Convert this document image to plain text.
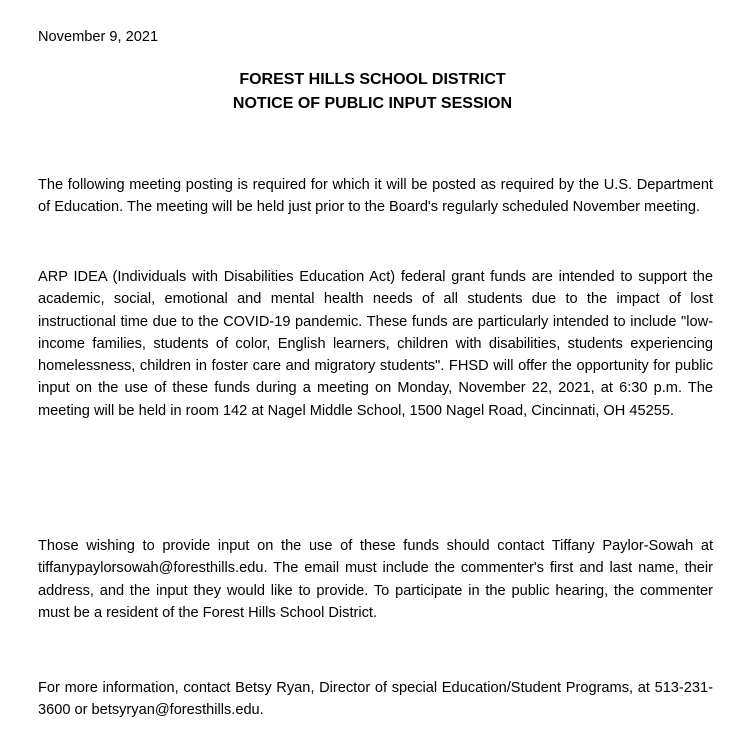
November 9, 2021
FOREST HILLS SCHOOL DISTRICT
NOTICE OF PUBLIC INPUT SESSION

The following meeting posting is required for which it will be posted as required by the U.S. Department of Education. The meeting will be held just prior to the Board's regularly scheduled November meeting.

ARP IDEA (Individuals with Disabilities Education Act) federal grant funds are intended to support the academic, social, emotional and mental health needs of all students due to the impact of lost instructional time due to the COVID-19 pandemic. These funds are particularly intended to include "low-income families, students of color, English learners, children with disabilities, students experiencing homelessness, children in foster care and migratory students". FHSD will offer the opportunity for public input on the use of these funds during a meeting on Monday, November 22, 2021, at 6:30 p.m. The meeting will be held in room 142 at Nagel Middle School, 1500 Nagel Road, Cincinnati, OH 45255.

Those wishing to provide input on the use of these funds should contact Tiffany Paylor-Sowah at tiffanypaylorsowah@foresthills.edu. The email must include the commenter's first and last name, their address, and the input they would like to provide. To participate in the public hearing, the commenter must be a resident of the Forest Hills School District.

For more information, contact Betsy Ryan, Director of special Education/Student Programs, at 513-231-3600 or betsyryan@foresthills.edu.
